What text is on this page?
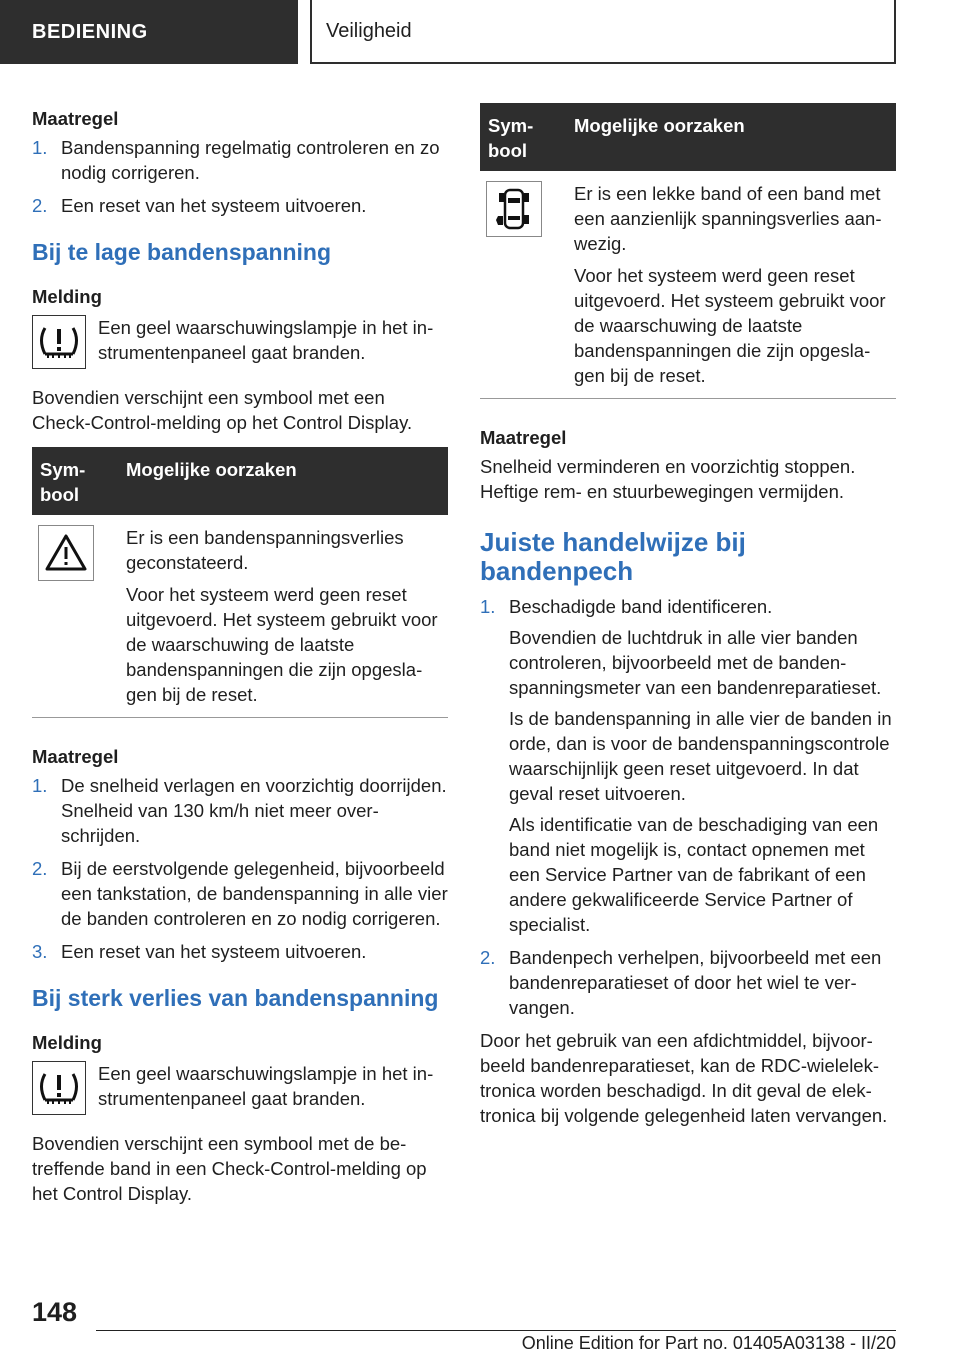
BEDIENING	Veiligheid

Maatregel

1. Bandenspanning regelmatig controleren en zo nodig corrigeren.
2. Een reset van het systeem uitvoeren.
Bij te lage bandenspanning

Melding

Een geel waarschuwingslampje in het instrumentenpaneel gaat branden.

Bovendien verschijnt een symbool met een Check-Control-melding op het Control Display.

Symbool	Mogelijke oorzaken

Er is een bandenspanningsverlies geconstateerd.

Voor het systeem werd geen reset uitgevoerd. Het systeem gebruikt voor de waarschuwing de laatste bandenspanningen die zijn opgeslagen bij de reset.

Maatregel

1. De snelheid verlagen en voorzichtig doorrijden. Snelheid van 130 km/h niet meer overschrijden.
2. Bij de eerstvolgende gelegenheid, bijvoorbeeld een tankstation, de bandenspanning in alle vier de banden controleren en zo nodig corrigeren.
3. Een reset van het systeem uitvoeren.
Bij sterk verlies van bandenspanning

Melding

Een geel waarschuwingslampje in het instrumentenpaneel gaat branden.

Bovendien verschijnt een symbool met de betreffende band in een Check-Control-melding op het Control Display.

Symbool	Mogelijke oorzaken

Er is een lekke band of een band met een aanzienlijk spanningsverlies aanwezig.

Voor het systeem werd geen reset uitgevoerd. Het systeem gebruikt voor de waarschuwing de laatste bandenspanningen die zijn opgeslagen bij de reset.

Maatregel

Snelheid verminderen en voorzichtig stoppen. Heftige rem- en stuurbewegingen vermijden.

Juiste handelwijze bij bandenpech
1. Beschadigde band identificeren.
Bovendien de luchtdruk in alle vier banden controleren, bijvoorbeeld met de bandenspanningsmeter van een bandenreparatieset.
Is de bandenspanning in alle vier de banden in orde, dan is voor de bandenspanningscontrole waarschijnlijk geen reset uitgevoerd. In dat geval reset uitvoeren.
Als identificatie van de beschadiging van een band niet mogelijk is, contact opnemen met een Service Partner van de fabrikant of een andere gekwalificeerde Service Partner of specialist.
2. Bandenpech verhelpen, bijvoorbeeld met een bandenreparatieset of door het wiel te vervangen.

Door het gebruik van een afdichtmiddel, bijvoorbeeld bandenreparatieset, kan de RDC-wielelektronica worden beschadigd. In dit geval de elektronica bij volgende gelegenheid laten vervangen.

148
Online Edition for Part no. 01405A03138 - II/20
